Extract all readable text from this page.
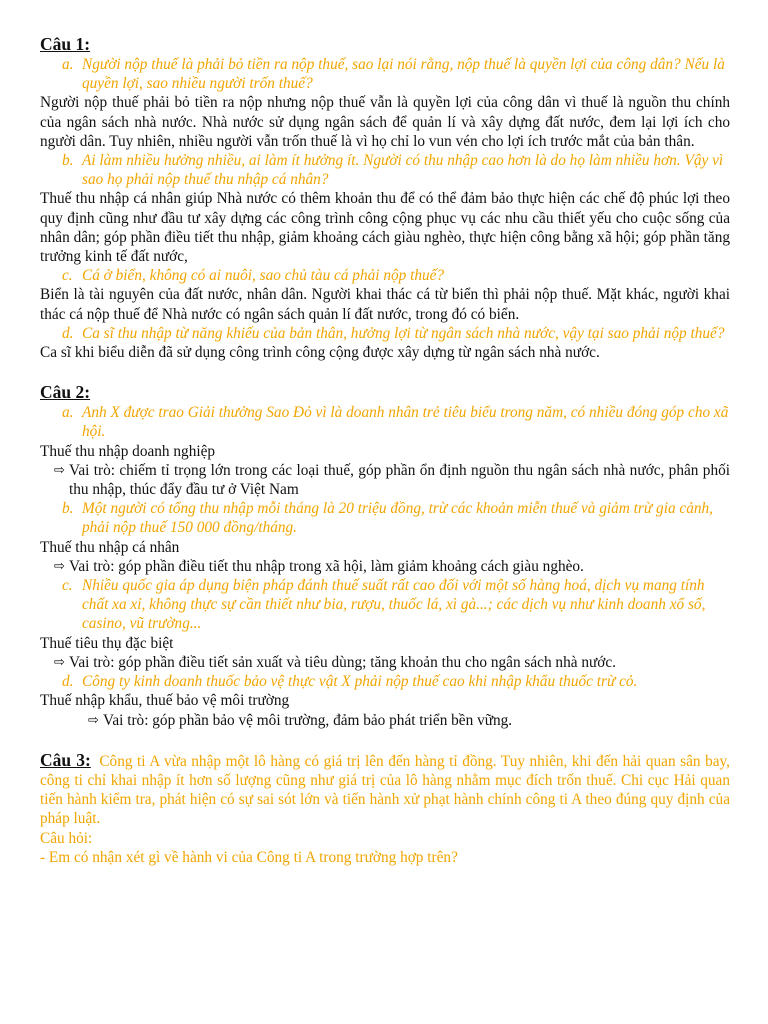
Câu 1:
a. Người nộp thuế là phải bỏ tiền ra nộp thuế, sao lại nói rằng, nộp thuế là quyền lợi của công dân? Nếu là quyền lợi, sao nhiều người trốn thuế?
Người nộp thuế phải bỏ tiền ra nộp nhưng nộp thuế vẫn là quyền lợi của công dân vì thuế là nguồn thu chính của ngân sách nhà nước. Nhà nước sử dụng ngân sách để quản lí và xây dựng đất nước, đem lại lợi ích cho người dân. Tuy nhiên, nhiều người vẫn trốn thuế là vì họ chỉ lo vun vén cho lợi ích trước mắt của bản thân.
b. Ai làm nhiều hưởng nhiều, ai làm ít hưởng ít. Người có thu nhập cao hơn là do họ làm nhiều hơn. Vậy vì sao họ phải nộp thuế thu nhập cá nhân?
Thuế thu nhập cá nhân giúp Nhà nước có thêm khoản thu để có thể đảm bảo thực hiện các chế độ phúc lợi theo quy định cũng như đầu tư xây dựng các công trình công cộng phục vụ các nhu cầu thiết yếu cho cuộc sống của nhân dân; góp phần điều tiết thu nhập, giảm khoảng cách giàu nghèo, thực hiện công bằng xã hội; góp phần tăng trưởng kinh tế đất nước,
c. Cá ở biển, không có ai nuôi, sao chủ tàu cá phải nộp thuế?
Biển là tài nguyên của đất nước, nhân dân. Người khai thác cá từ biển thì phải nộp thuế. Mặt khác, người khai thác cá nộp thuế để Nhà nước có ngân sách quản lí đất nước, trong đó có biển.
d. Ca sĩ thu nhập từ năng khiếu của bản thân, hưởng lợi từ ngân sách nhà nước, vậy tại sao phải nộp thuế?
Ca sĩ khi biểu diễn đã sử dụng công trình công cộng được xây dựng từ ngân sách nhà nước.
Câu 2:
a. Anh X được trao Giải thưởng Sao Đỏ vì là doanh nhân trẻ tiêu biểu trong năm, có nhiều đóng góp cho xã hội.
Thuế thu nhập doanh nghiệp
⇨ Vai trò: chiếm tỉ trọng lớn trong các loại thuế, góp phần ổn định nguồn thu ngân sách nhà nước, phân phối thu nhập, thúc đẩy đầu tư ở Việt Nam
b. Một người có tổng thu nhập mỗi tháng là 20 triệu đồng, trừ các khoản miễn thuế và giảm trừ gia cảnh, phải nộp thuế 150 000 đồng/tháng.
Thuế thu nhập cá nhân
⇨ Vai trò: góp phần điều tiết thu nhập trong xã hội, làm giảm khoảng cách giàu nghèo.
c. Nhiều quốc gia áp dụng biện pháp đánh thuế suất rất cao đối với một số hàng hoá, dịch vụ mang tính chất xa xỉ, không thực sự cần thiết như bia, rượu, thuốc lá, xì gà...; các dịch vụ như kinh doanh xổ số, casino, vũ trường...
Thuế tiêu thụ đặc biệt
⇨ Vai trò: góp phần điều tiết sản xuất và tiêu dùng; tăng khoản thu cho ngân sách nhà nước.
d. Công ty kinh doanh thuốc bảo vệ thực vật X phải nộp thuế cao khi nhập khẩu thuốc trừ cỏ.
Thuế nhập khẩu, thuế bảo vệ môi trường
⇨ Vai trò: góp phần bảo vệ môi trường, đảm bảo phát triển bền vững.
Câu 3: Công ti A vừa nhập một lô hàng có giá trị lên đến hàng tỉ đồng. Tuy nhiên, khi đến hải quan sân bay, công ti chỉ khai nhập ít hơn số lượng cũng như giá trị của lô hàng nhằm mục đích trốn thuế. Chi cục Hải quan tiến hành kiểm tra, phát hiện có sự sai sót lớn và tiến hành xử phạt hành chính công ti A theo đúng quy định của pháp luật.
Câu hỏi:
- Em có nhận xét gì về hành vi của Công ti A trong trường hợp trên?
